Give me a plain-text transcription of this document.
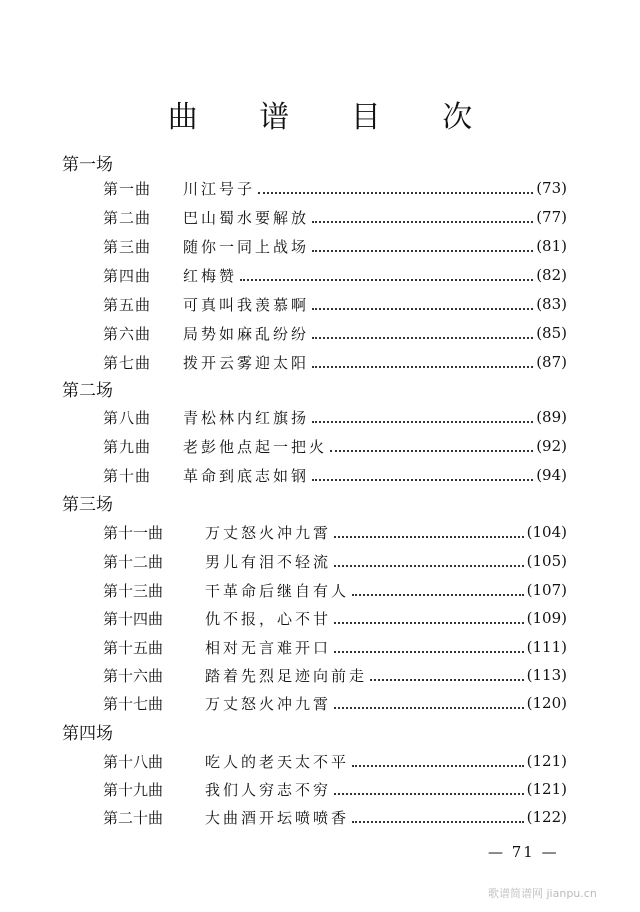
曲 谱 目 次
第一场
第一曲	川江号子	(73)
第二曲	巴山蜀水要解放	(77)
第三曲	随你一同上战场	(81)
第四曲	红梅赞	(82)
第五曲	可真叫我羡慕啊	(83)
第六曲	局势如麻乱纷纷	(85)
第七曲	拨开云雾迎太阳	(87)
第二场
第八曲	青松林内红旗扬	(89)
第九曲	老彭他点起一把火	(92)
第十曲	革命到底志如钢	(94)
第三场
第十一曲	万丈怒火冲九霄	(104)
第十二曲	男儿有泪不轻流	(105)
第十三曲	干革命后继自有人	(107)
第十四曲	仇不报，心不甘	(109)
第十五曲	相对无言难开口	(111)
第十六曲	踏着先烈足迹向前走	(113)
第十七曲	万丈怒火冲九霄	(120)
第四场
第十八曲	吃人的老天太不平	(121)
第十九曲	我们人穷志不穷	(121)
第二十曲	大曲酒开坛喷喷香	(122)
— 71 —
歌谱简谱网 jianpu.cn
